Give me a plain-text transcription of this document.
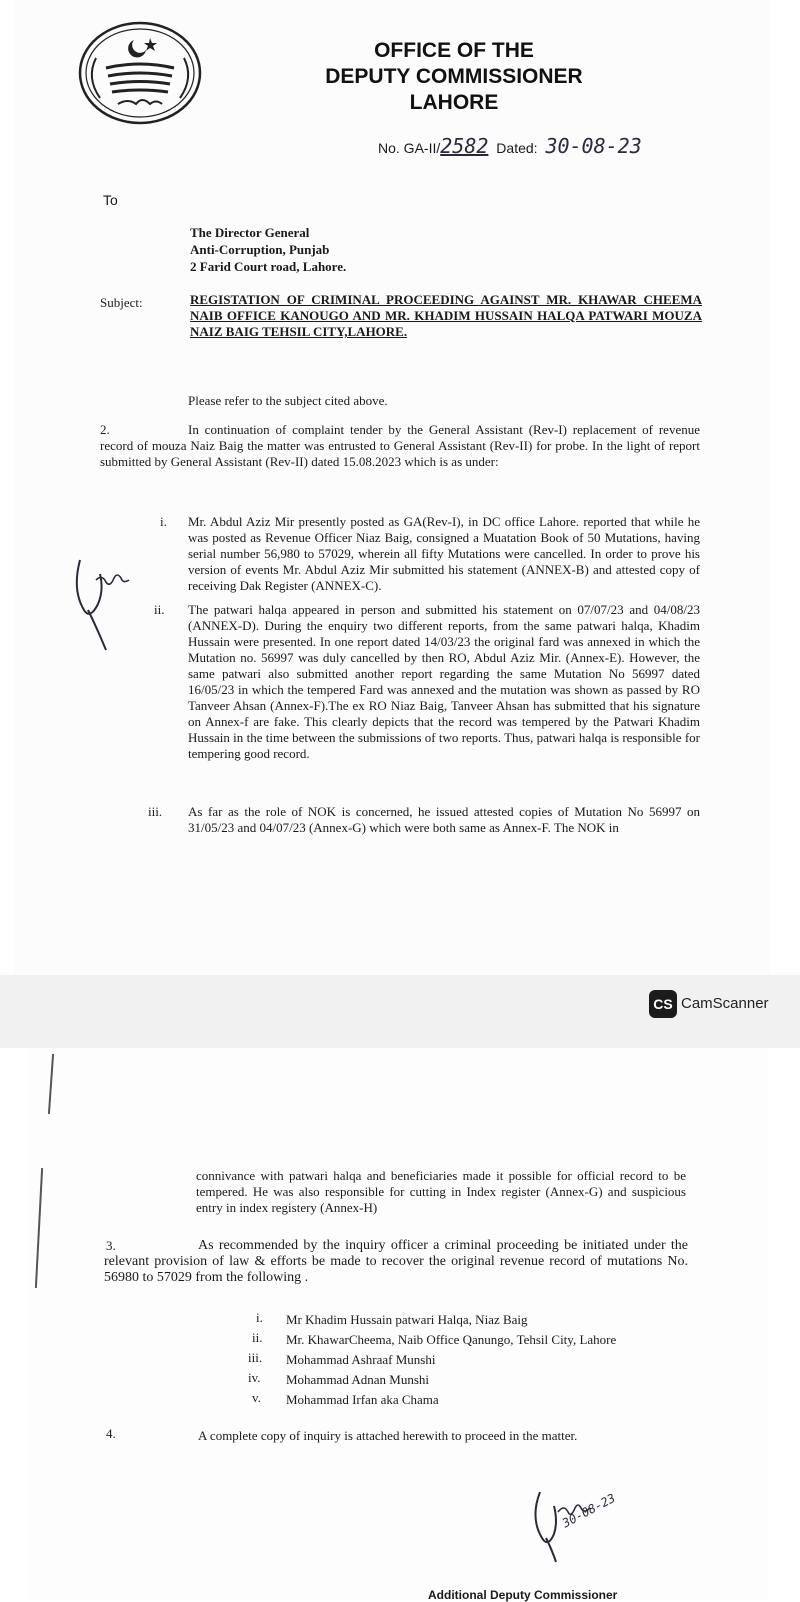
OFFICE OF THE
DEPUTY COMMISSIONER
LAHORE
No. GA-II/2582 Dated: 30-08-23
To
The Director General
Anti-Corruption, Punjab
2 Farid Court road, Lahore.
Subject:	REGISTATION OF CRIMINAL PROCEEDING AGAINST MR. KHAWAR CHEEMA NAIB OFFICE KANOUGO AND MR. KHADIM HUSSAIN HALQA PATWARI MOUZA NAIZ BAIG TEHSIL CITY,LAHORE.
Please refer to the subject cited above.
2.	In continuation of complaint tender by the General Assistant (Rev-I) replacement of revenue record of mouza Naiz Baig the matter was entrusted to General Assistant (Rev-II) for probe. In the light of report submitted by General Assistant (Rev-II) dated 15.08.2023 which is as under:
i. Mr. Abdul Aziz Mir presently posted as GA(Rev-I), in DC office Lahore. reported that while he was posted as Revenue Officer Niaz Baig, consigned a Muatation Book of 50 Mutations, having serial number 56,980 to 57029, wherein all fifty Mutations were cancelled. In order to prove his version of events Mr. Abdul Aziz Mir submitted his statement (ANNEX-B) and attested copy of receiving Dak Register (ANNEX-C).
ii. The patwari halqa appeared in person and submitted his statement on 07/07/23 and 04/08/23 (ANNEX-D). During the enquiry two different reports, from the same patwari halqa, Khadim Hussain were presented. In one report dated 14/03/23 the original fard was annexed in which the Mutation no. 56997 was duly cancelled by then RO, Abdul Aziz Mir. (Annex-E). However, the same patwari also submitted another report regarding the same Mutation No 56997 dated 16/05/23 in which the tempered Fard was annexed and the mutation was shown as passed by RO Tanveer Ahsan (Annex-F).The ex RO Niaz Baig, Tanveer Ahsan has submitted that his signature on Annex-f are fake. This clearly depicts that the record was tempered by the Patwari Khadim Hussain in the time between the submissions of two reports. Thus, patwari halqa is responsible for tempering good record.
iii. As far as the role of NOK is concerned, he issued attested copies of Mutation No 56997 on 31/05/23 and 04/07/23 (Annex-G) which were both same as Annex-F. The NOK in
CS CamScanner
connivance with patwari halqa and beneficiaries made it possible for official record to be tempered. He was also responsible for cutting in Index register (Annex-G) and suspicious entry in index registery (Annex-H)
3.	As recommended by the inquiry officer a criminal proceeding be initiated under the relevant provision of law & efforts be made to recover the original revenue record of mutations No. 56980 to 57029 from the following .
i. Mr Khadim Hussain patwari Halqa, Niaz Baig
ii. Mr. KhawarCheema, Naib Office Qanungo, Tehsil City, Lahore
iii. Mohammad Ashraaf Munshi
iv. Mohammad Adnan Munshi
v. Mohammad Irfan aka Chama
4.	A complete copy of inquiry is attached herewith to proceed in the matter.
30-08-23
Additional Deputy Commissioner
